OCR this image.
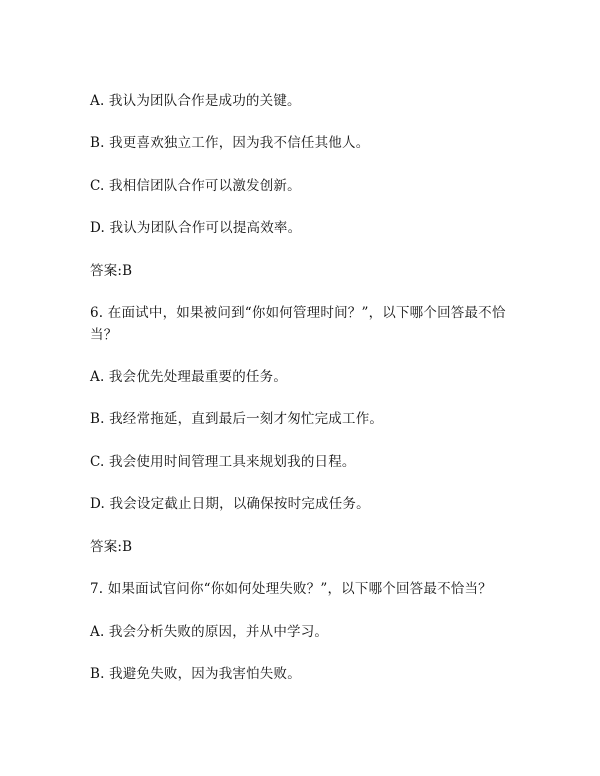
A. 我认为团队合作是成功的关键。
B. 我更喜欢独立工作，因为我不信任其他人。
C. 我相信团队合作可以激发创新。
D. 我认为团队合作可以提高效率。
答案:B
6. 在面试中，如果被问到“你如何管理时间？”，以下哪个回答最不恰当？
A. 我会优先处理最重要的任务。
B. 我经常拖延，直到最后一刻才匆忙完成工作。
C. 我会使用时间管理工具来规划我的日程。
D. 我会设定截止日期，以确保按时完成任务。
答案:B
7. 如果面试官问你“你如何处理失败？”，以下哪个回答最不恰当？
A. 我会分析失败的原因，并从中学习。
B. 我避免失败，因为我害怕失败。
